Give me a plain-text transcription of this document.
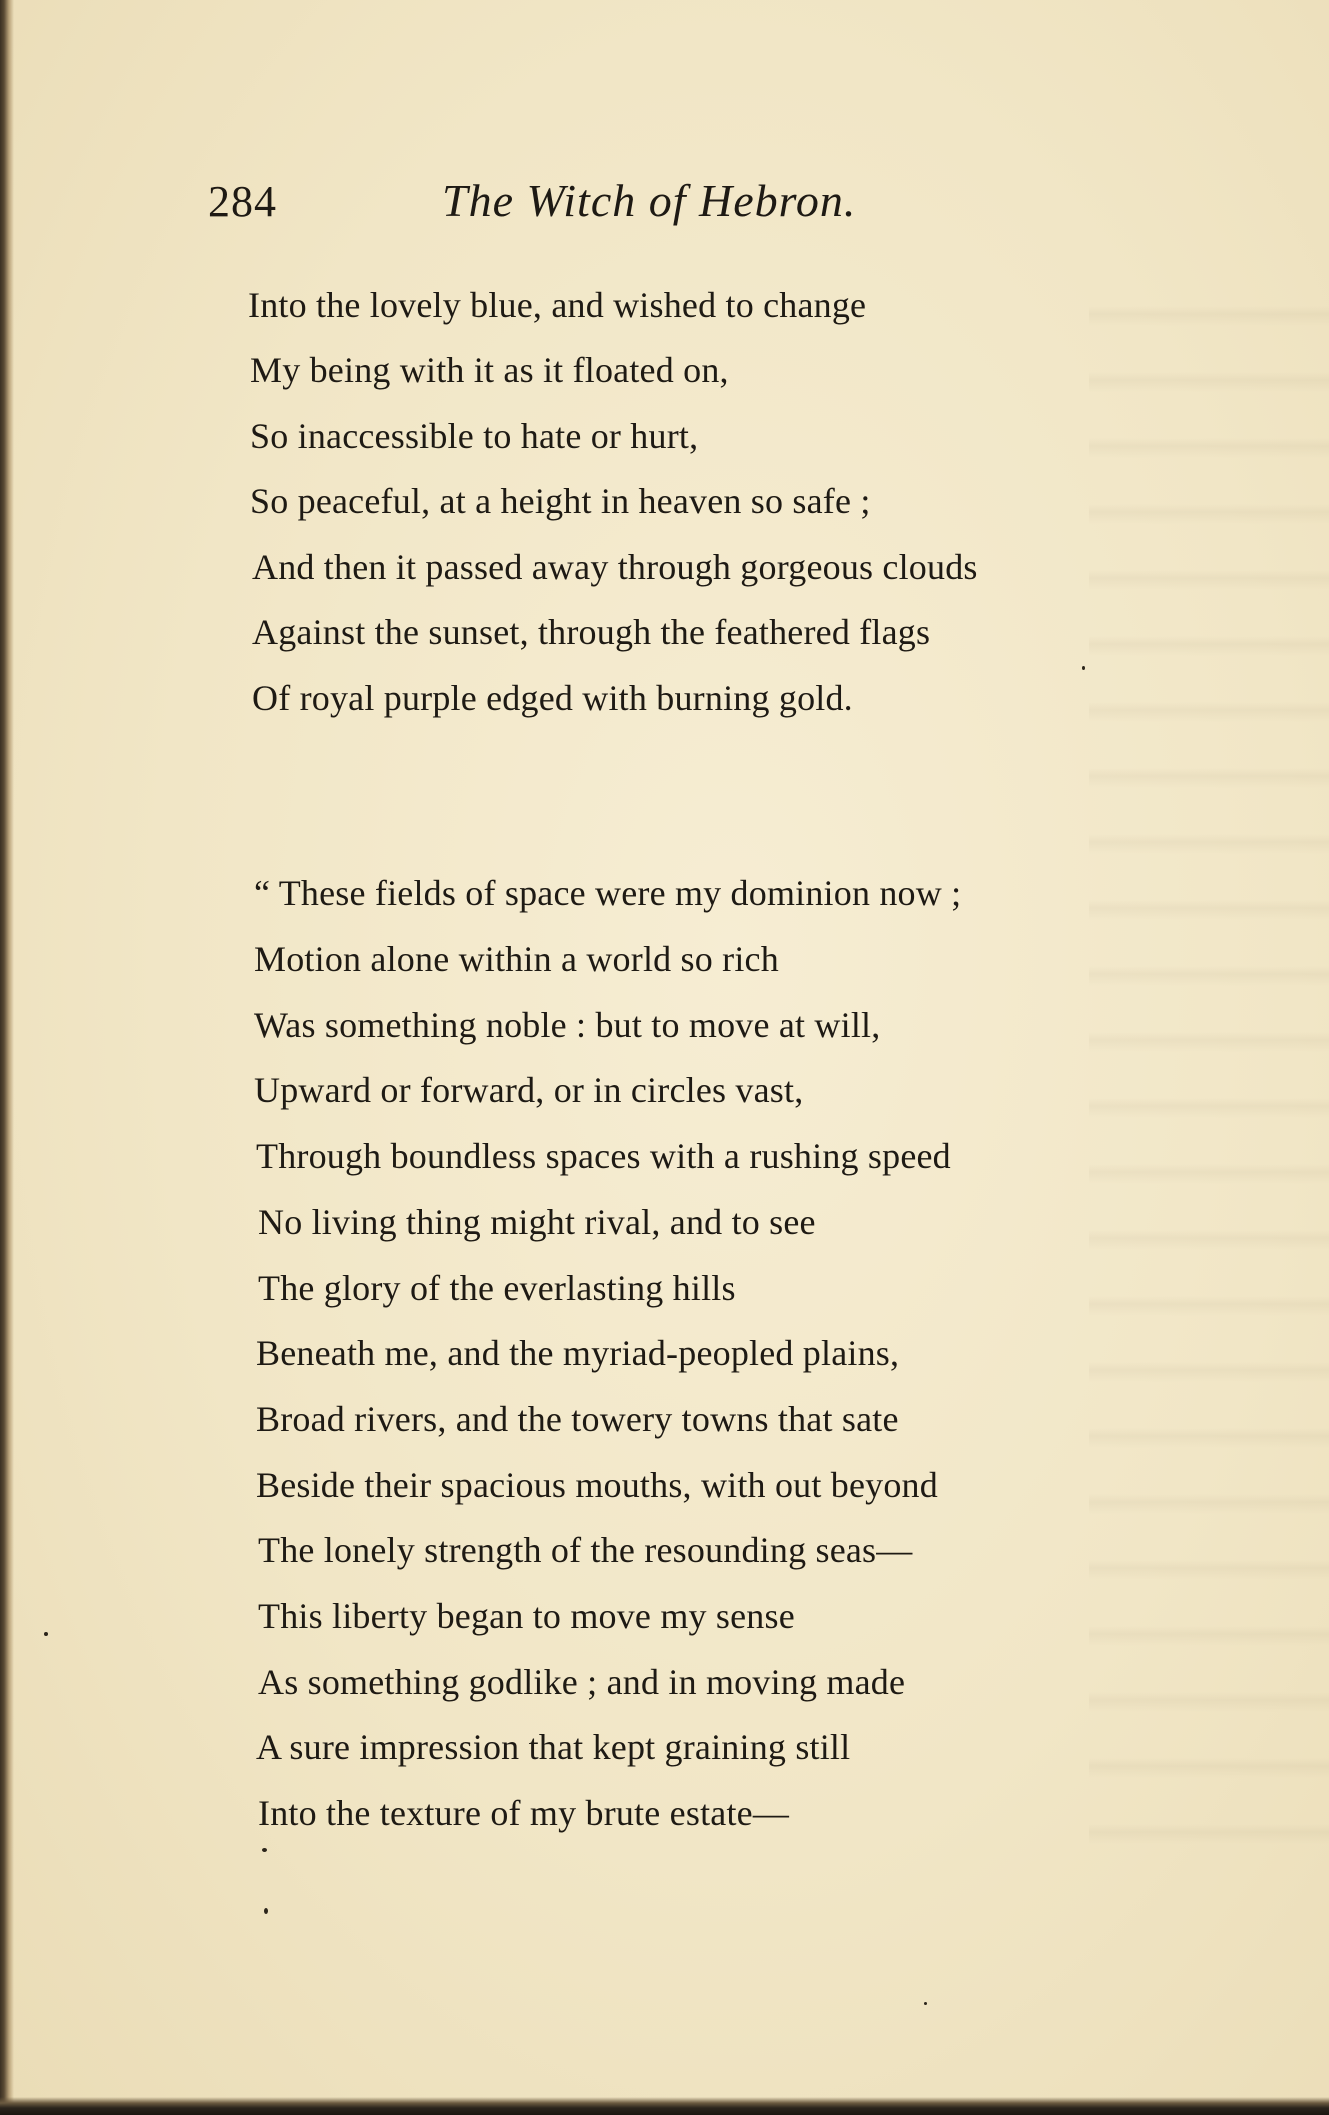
284	The Witch of Hebron.
Into the lovely blue, and wished to change
My being with it as it floated on,
So inaccessible to hate or hurt,
So peaceful, at a height in heaven so safe ;
And then it passed away through gorgeous clouds
Against the sunset, through the feathered flags
Of royal purple edged with burning gold.
“ These fields of space were my dominion now ;
Motion alone within a world so rich
Was something noble : but to move at will,
Upward or forward, or in circles vast,
Through boundless spaces with a rushing speed
No living thing might rival, and to see
The glory of the everlasting hills
Beneath me, and the myriad-peopled plains,
Broad rivers, and the towery towns that sate
Beside their spacious mouths, with out beyond
The lonely strength of the resounding seas—
This liberty began to move my sense
As something godlike ; and in moving made
A sure impression that kept graining still
Into the texture of my brute estate—
